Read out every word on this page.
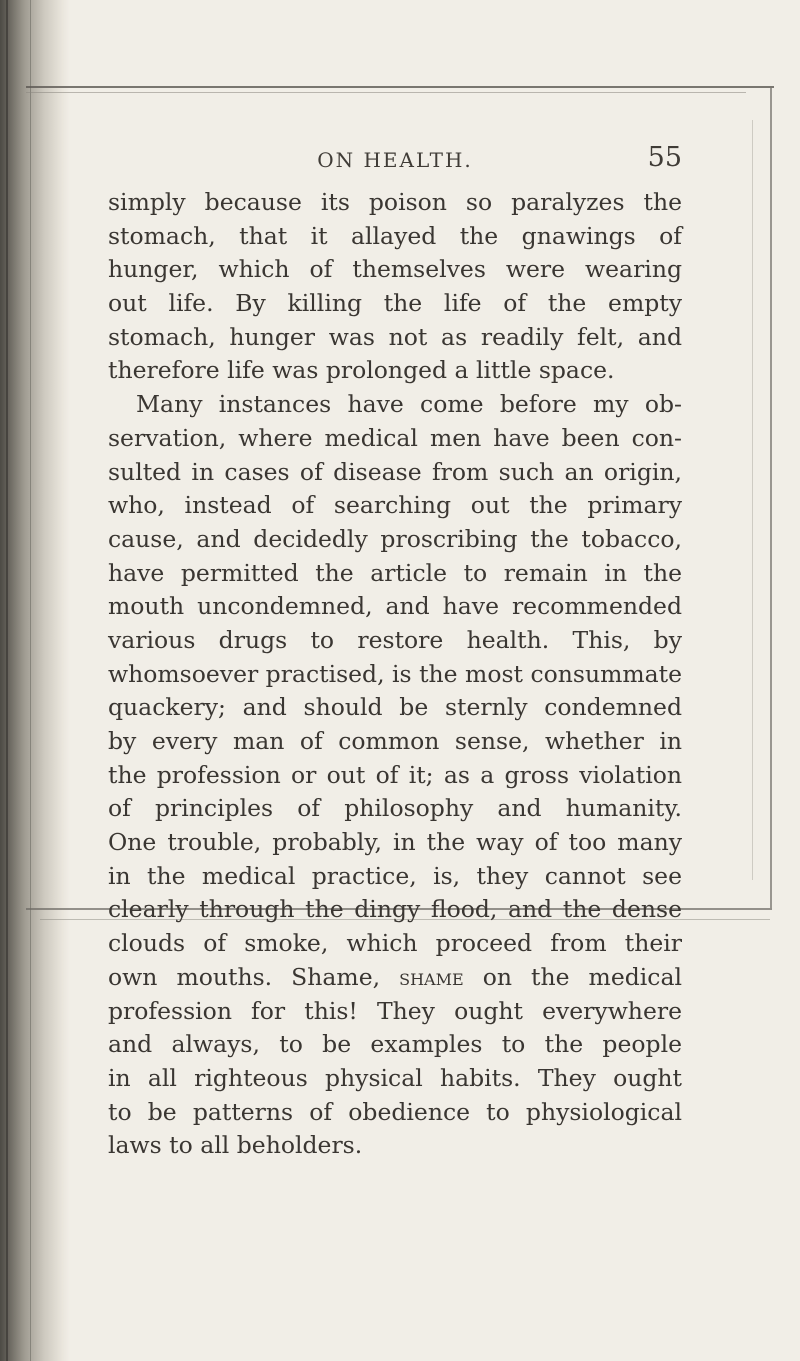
ON HEALTH.	55
simply because its poison so paralyzes the
stomach, that it allayed the gnawings of
hunger, which of themselves were wearing
out life. By killing the life of the empty
stomach, hunger was not as readily felt, and
therefore life was prolonged a little space.
Many instances have come before my ob-
servation, where medical men have been con-
sulted in cases of disease from such an origin,
who, instead of searching out the primary
cause, and decidedly proscribing the tobacco,
have permitted the article to remain in the
mouth uncondemned, and have recommended
various drugs to restore health. This, by
whomsoever practised, is the most consummate
quackery; and should be sternly condemned
by every man of common sense, whether in
the profession or out of it; as a gross violation
of principles of philosophy and humanity.
One trouble, probably, in the way of too many
in the medical practice, is, they cannot see
clearly through the dingy flood, and the dense
clouds of smoke, which proceed from their
own mouths. Shame, shame on the medical
profession for this! They ought everywhere
and always, to be examples to the people
in all righteous physical habits. They ought
to be patterns of obedience to physiological
laws to all beholders.
